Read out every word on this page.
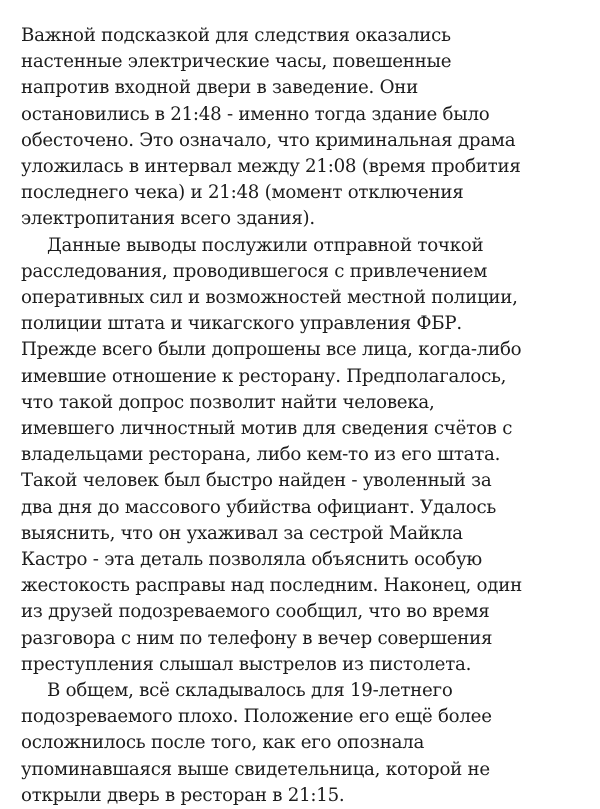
Важной подсказкой для следствия оказались
настенные электрические часы, повешенные
напротив входной двери в заведение. Они
остановились в 21:48 - именно тогда здание было
обесточено. Это означало, что криминальная драма
уложилась в интервал между 21:08 (время пробития
последнего чека) и 21:48 (момент отключения
электропитания всего здания).
Данные выводы послужили отправной точкой
расследования, проводившегося с привлечением
оперативных сил и возможностей местной полиции,
полиции штата и чикагского управления ФБР.
Прежде всего были допрошены все лица, когда-либо
имевшие отношение к ресторану. Предполагалось,
что такой допрос позволит найти человека,
имевшего личностный мотив для сведения счётов с
владельцами ресторана, либо кем-то из его штата.
Такой человек был быстро найден - уволенный за
два дня до массового убийства официант. Удалось
выяснить, что он ухаживал за сестрой Майкла
Кастро - эта деталь позволяла объяснить особую
жестокость расправы над последним. Наконец, один
из друзей подозреваемого сообщил, что во время
разговора с ним по телефону в вечер совершения
преступления слышал выстрелов из пистолета.
В общем, всё складывалось для 19-летнего
подозреваемого плохо. Положение его ещё более
осложнилось после того, как его опознала
упоминавшаяся выше свидетельница, которой не
открыли дверь в ресторан в 21:15.
